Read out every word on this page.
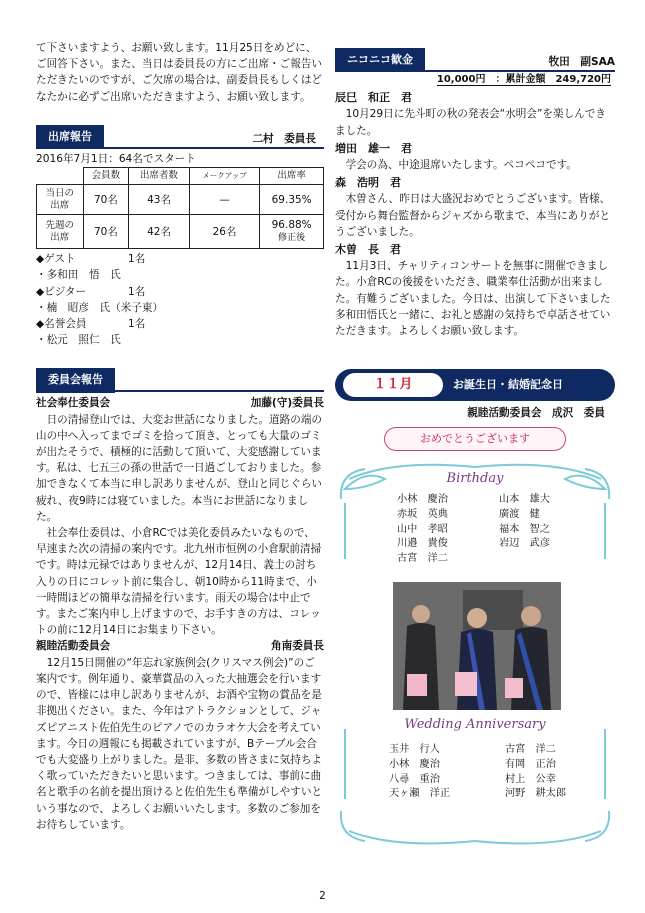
て下さいますよう、お願い致します。11月25日をめどに、ご回答下さい。また、当日は委員長の方にご出席・ご報告いただきたいのですが、ご欠席の場合は、副委員長もしくはどなたかに必ずご出席いただきますよう、お願い致します。

出席報告	二村　委員長

2016年7月1日：64名でスタート

	会員数	出席者数	メークアップ	出席率
当日の出席	70名	43名	—	69.35%
先週の出席	70名	42名	26名	96.88%
修正後
◆ゲスト	1名
・多和田　悟　氏
◆ビジター	1名
・楠　昭彦　氏（米子東）
◆名誉会員	1名
・松元　照仁　氏
委員会報告
社会奉仕委員会	加藤(守)委員長

日の清掃登山では、大変お世話になりました。道路の端の山の中へ入ってまでゴミを拾って頂き、とっても大量のゴミが出たそうで、積極的に活動して頂いて、大変感謝しています。私は、七五三の孫の世話で一日過ごしておりました。参加できなくて本当に申し訳ありませんが、登山と同じぐらい疲れ、夜9時には寝ていました。本当にお世話になりました。

社会奉仕委員は、小倉RCでは美化委員みたいなもので、早速また次の清掃の案内です。北九州市恒例の小倉駅前清掃です。時は元禄ではありませんが、12月14日、義士の討ち入りの日にコレット前に集合し、朝10時から11時まで、小一時間ほどの簡単な清掃を行います。雨天の場合は中止です。またご案内申し上げますので、お手すきの方は、コレットの前に12月14日にお集まり下さい。

親睦活動委員会	角南委員長

12月15日開催の“年忘れ家族例会(クリスマス例会)”のご案内です。例年通り、豪華賞品の入った大抽選会を行いますので、皆様には申し訳ありませんが、お酒や宝物の賞品を是非拠出ください。また、今年はアトラクションとして、ジャズピアニスト佐伯先生のピアノでのカラオケ大会を考えています。今日の週報にも掲載されていますが、Bテーブル会合でも大変盛り上がりました。是非、多数の皆さまに気持ちよく歌っていただきたいと思います。つきましては、事前に曲名と歌手の名前を提出頂けると佐伯先生も準備がしやすいという事なので、よろしくお願いいたします。多数のご参加をお待ちしています。

ニコニコ歓金	牧田　副SAA
10,000円　：累計金額　249,720円
辰巳　和正　君

10月29日に先斗町の秋の発表会“水明会”を楽しんできました。

増田　雄一　君

学会の為、中途退席いたします。ペコペコです。

森　浩明　君

木曽さん、昨日は大盛況おめでとうございます。皆様、受付から舞台監督からジャズから歌まで、本当にありがとうございました。

木曽　長　君

11月3日、チャリティコンサートを無事に開催できました。小倉RCの後援をいただき、職業奉仕活動が出来ました。有難うございました。今日は、出演して下さいました多和田悟氏と一緒に、お礼と感謝の気持ちで卓話させていただきます。よろしくお願い致します。

１１月	お誕生日・結婚記念日
親睦活動委員会　成沢　委員
おめでとうございます
Birthday
小林　慶治
赤坂　英典
山中　孝昭
川邉　貴俊
古宮　洋二
山本　雄大
廣渡　健
福本　智之
岩辺　武彦
Wedding Anniversary
玉井　行人
小林　慶治
八尋　重治
天ヶ瀬　洋正
古宮　洋二
有岡　正治
村上　公幸
河野　耕太郎
2
